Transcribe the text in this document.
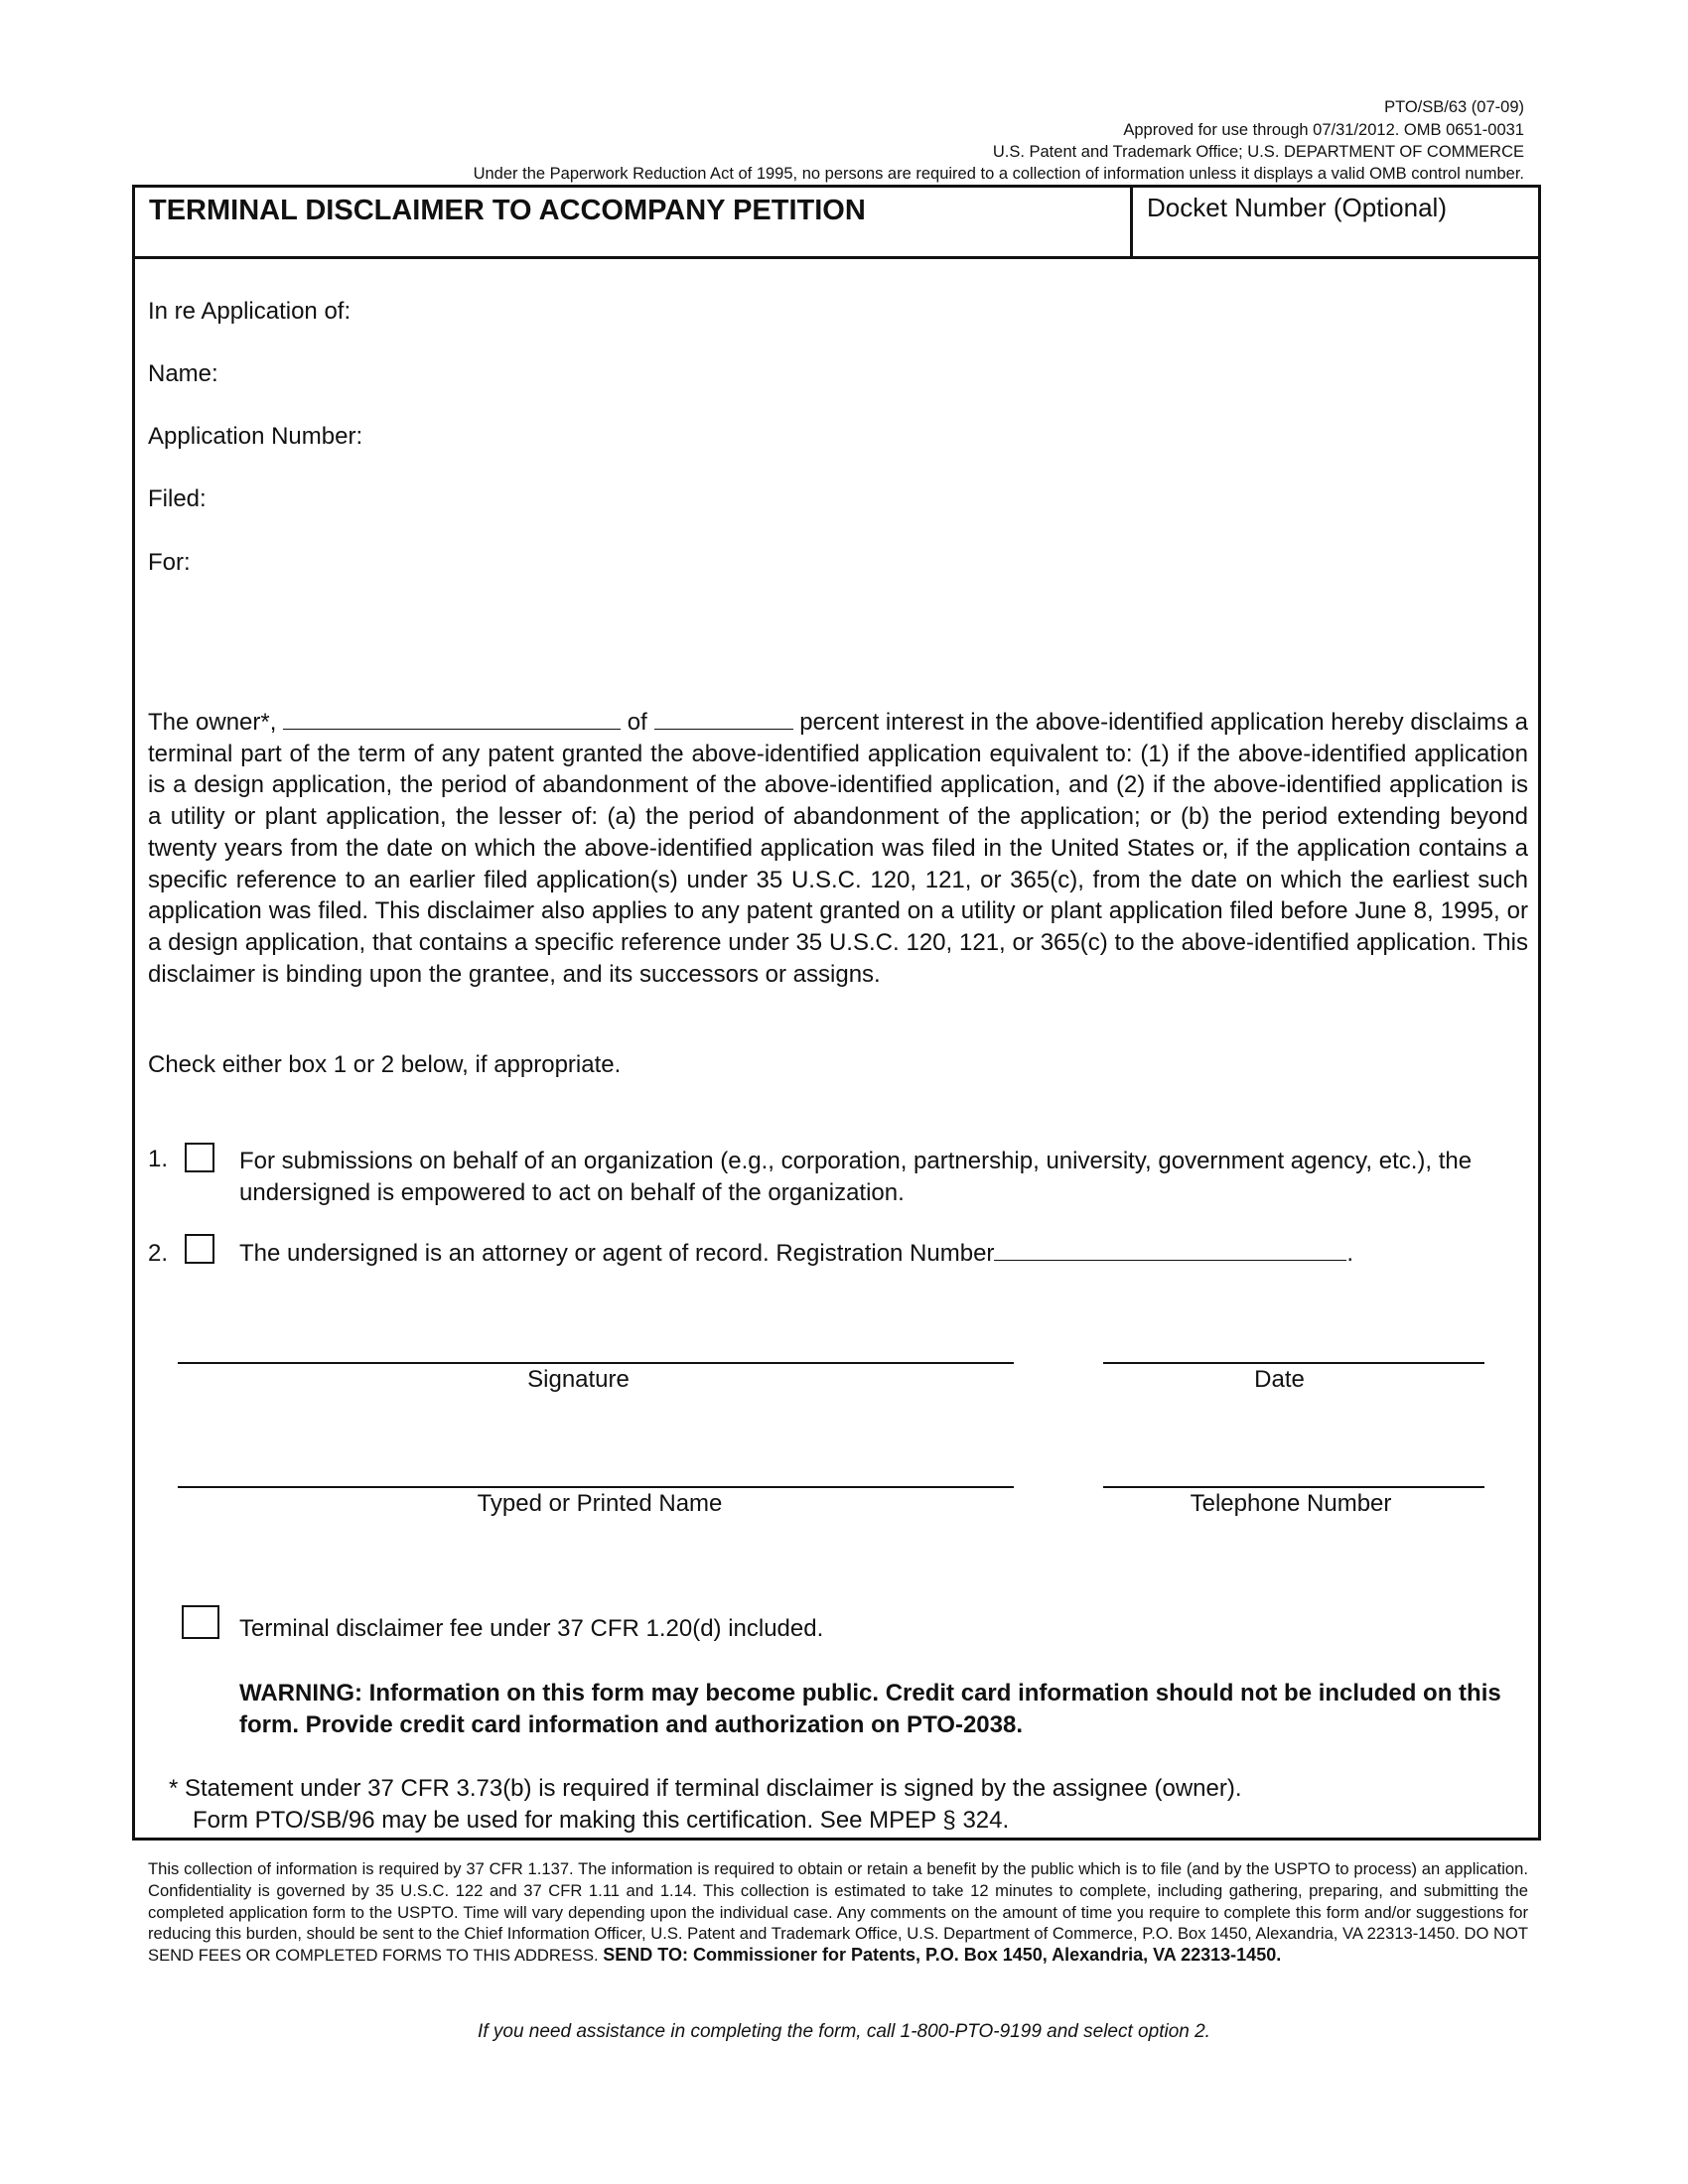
PTO/SB/63 (07-09)
Approved for use through 07/31/2012. OMB 0651-0031
U.S. Patent and Trademark Office; U.S. DEPARTMENT OF COMMERCE
Under the Paperwork Reduction Act of 1995, no persons are required to a collection of information unless it displays a valid OMB control number.
TERMINAL DISCLAIMER TO ACCOMPANY PETITION	Docket Number (Optional)
In re Application of:
Name:
Application Number:
Filed:
For:
The owner*,	of	percent interest in the above-identified application hereby disclaims a terminal part of the term of any patent granted the above-identified application equivalent to: (1) if the above-identified application is a design application, the period of abandonment of the above-identified application, and (2) if the above-identified application is a utility or plant application, the lesser of: (a) the period of abandonment of the application; or (b) the period extending beyond twenty years from the date on which the above-identified application was filed in the United States or, if the application contains a specific reference to an earlier filed application(s) under 35 U.S.C. 120, 121, or 365(c), from the date on which the earliest such application was filed. This disclaimer also applies to any patent granted on a utility or plant application filed before June 8, 1995, or a design application, that contains a specific reference under 35 U.S.C. 120, 121, or 365(c) to the above-identified application. This disclaimer is binding upon the grantee, and its successors or assigns.
Check either box 1 or 2 below, if appropriate.
1.	For submissions on behalf of an organization (e.g., corporation, partnership, university, government agency, etc.), the undersigned is empowered to act on behalf of the organization.
2.	The undersigned is an attorney or agent of record. Registration Number	.
Signature	Date
Typed or Printed Name	Telephone Number
Terminal disclaimer fee under 37 CFR 1.20(d) included.
WARNING: Information on this form may become public. Credit card information should not be included on this form. Provide credit card information and authorization on PTO-2038.
* Statement under 37 CFR 3.73(b) is required if terminal disclaimer is signed by the assignee (owner).
Form PTO/SB/96 may be used for making this certification. See MPEP § 324.
This collection of information is required by 37 CFR 1.137. The information is required to obtain or retain a benefit by the public which is to file (and by the USPTO to process) an application. Confidentiality is governed by 35 U.S.C. 122 and 37 CFR 1.11 and 1.14. This collection is estimated to take 12 minutes to complete, including gathering, preparing, and submitting the completed application form to the USPTO. Time will vary depending upon the individual case. Any comments on the amount of time you require to complete this form and/or suggestions for reducing this burden, should be sent to the Chief Information Officer, U.S. Patent and Trademark Office, U.S. Department of Commerce, P.O. Box 1450, Alexandria, VA 22313-1450. DO NOT SEND FEES OR COMPLETED FORMS TO THIS ADDRESS. SEND TO: Commissioner for Patents, P.O. Box 1450, Alexandria, VA 22313-1450.
If you need assistance in completing the form, call 1-800-PTO-9199 and select option 2.
